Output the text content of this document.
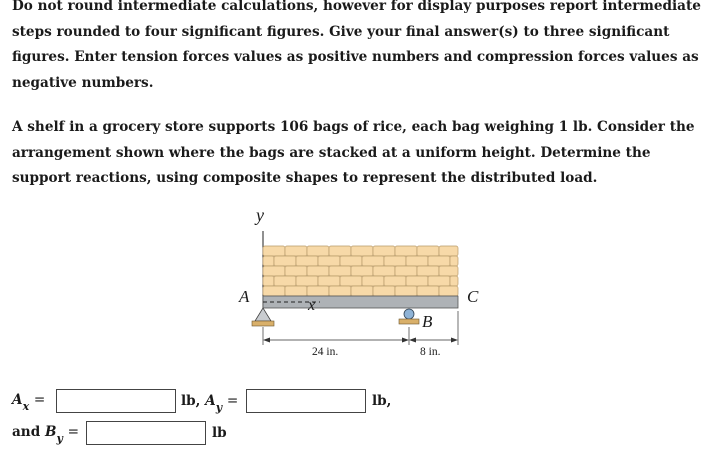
Do not round intermediate calculations, however for display purposes report intermediate steps rounded to four significant figures. Give your final answer(s) to three significant figures. Enter tension forces values as positive numbers and compression forces values as negative numbers.
A shelf in a grocery store supports 106 bags of rice, each bag weighing 1 lb. Consider the arrangement shown where the bags are stacked at a uniform height. Determine the support reactions, using composite shapes to represent the distributed load.
y
x
A
B
C
24 in.	8 in.
$A_x$ =	lb, $A_y$ =	lb,
and $B_y$ =	lb
